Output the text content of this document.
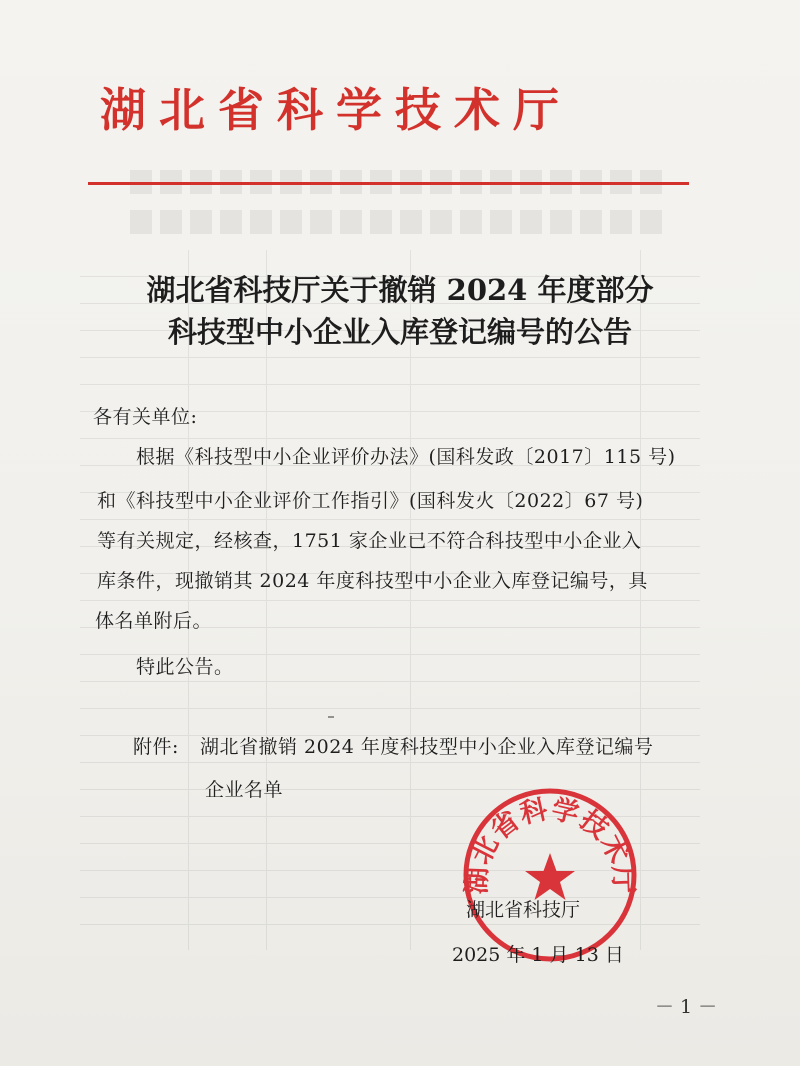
湖北省科学技术厅
湖北省科技厅关于撤销 2024 年度部分
科技型中小企业入库登记编号的公告
各有关单位:
根据《科技型中小企业评价办法》(国科发政〔2017〕115 号)
和《科技型中小企业评价工作指引》(国科发火〔2022〕67 号)
等有关规定，经核查，1751 家企业已不符合科技型中小企业入
库条件，现撤销其 2024 年度科技型中小企业入库登记编号，具
体名单附后。
特此公告。
附件: 湖北省撤销 2024 年度科技型中小企业入库登记编号
企业名单
湖北省科学技术厅
湖北省科技厅
2025 年 1 月 13 日
－ 1 －
